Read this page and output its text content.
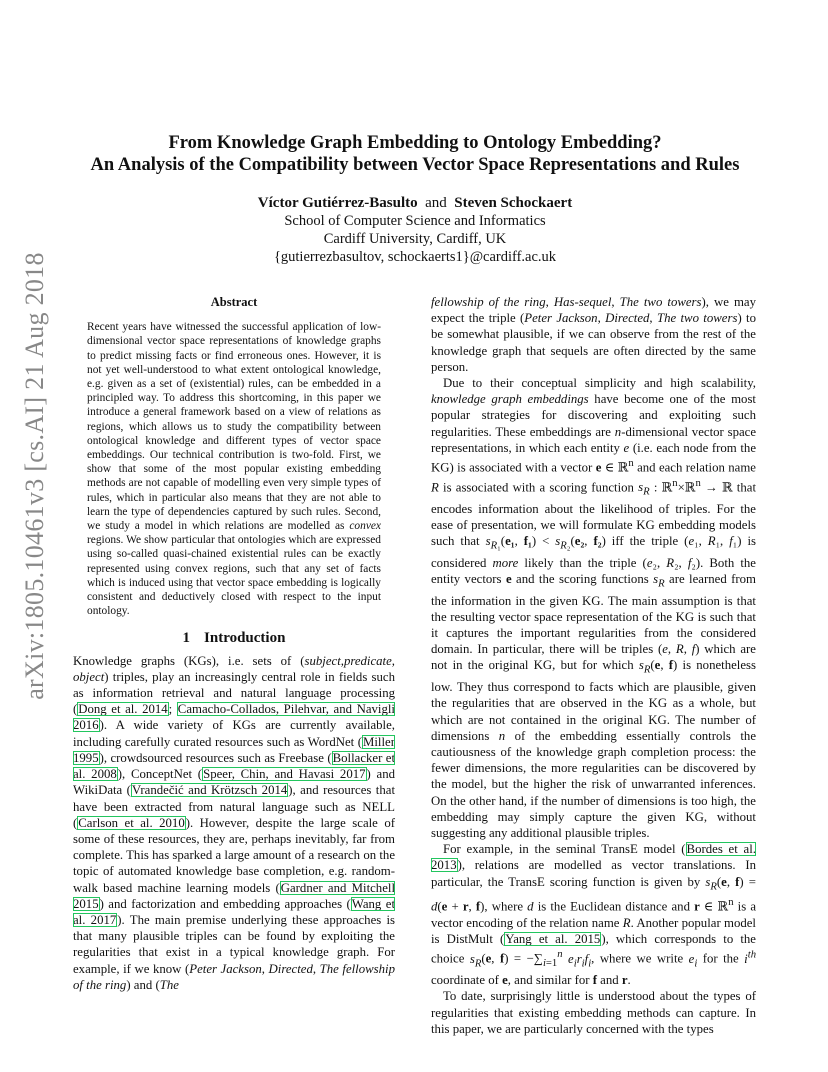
arXiv:1805.10461v3 [cs.AI] 21 Aug 2018
From Knowledge Graph Embedding to Ontology Embedding?
An Analysis of the Compatibility between Vector Space Representations and Rules
Víctor Gutiérrez-Basulto and Steven Schockaert
School of Computer Science and Informatics
Cardiff University, Cardiff, UK
{gutierrezbasultov, schockaerts1}@cardiff.ac.uk
Abstract

Recent years have witnessed the successful application of low-dimensional vector space representations of knowledge graphs to predict missing facts or find erroneous ones. However, it is not yet well-understood to what extent ontological knowledge, e.g. given as a set of (existential) rules, can be embedded in a principled way. To address this shortcoming, in this paper we introduce a general framework based on a view of relations as regions, which allows us to study the compatibility between ontological knowledge and different types of vector space embeddings. Our technical contribution is two-fold. First, we show that some of the most popular existing embedding methods are not capable of modelling even very simple types of rules, which in particular also means that they are not able to learn the type of dependencies captured by such rules. Second, we study a model in which relations are modelled as convex regions. We show particular that ontologies which are expressed using so-called quasi-chained existential rules can be exactly represented using convex regions, such that any set of facts which is induced using that vector space embedding is logically consistent and deductively closed with respect to the input ontology.

1 Introduction

Knowledge graphs (KGs), i.e. sets of (subject,predicate, object) triples, play an increasingly central role in fields such as information retrieval and natural language processing (Dong et al. 2014; Camacho-Collados, Pilehvar, and Navigli 2016). A wide variety of KGs are currently available, including carefully curated resources such as WordNet (Miller 1995), crowdsourced resources such as Freebase (Bollacker et al. 2008), ConceptNet (Speer, Chin, and Havasi 2017) and WikiData (Vrandečić and Krötzsch 2014), and resources that have been extracted from natural language such as NELL (Carlson et al. 2010). However, despite the large scale of some of these resources, they are, perhaps inevitably, far from complete. This has sparked a large amount of a research on the topic of automated knowledge base completion, e.g. random-walk based machine learning models (Gardner and Mitchell 2015) and factorization and embedding approaches (Wang et al. 2017). The main premise underlying these approaches is that many plausible triples can be found by exploiting the regularities that exist in a typical knowledge graph. For example, if we know (Peter Jackson, Directed, The fellowship of the ring) and (The

fellowship of the ring, Has-sequel, The two towers), we may expect the triple (Peter Jackson, Directed, The two towers) to be somewhat plausible, if we can observe from the rest of the knowledge graph that sequels are often directed by the same person.

Due to their conceptual simplicity and high scalability, knowledge graph embeddings have become one of the most popular strategies for discovering and exploiting such regularities. These embeddings are n-dimensional vector space representations, in which each entity e (i.e. each node from the KG) is associated with a vector e ∈ ℝ$^n$ and each relation name R is associated with a scoring function $s_R$ : ℝ$^n$×ℝ$^n$ → ℝ that encodes information about the likelihood of triples. For the ease of presentation, we will formulate KG embedding models such that $s_{R_1}(e_1$, $f_1) < s_{R_2}(e_2$, f₂) iff the triple (e₁, R₁, f₁) is considered more likely than the triple (e₂, R₂, f₂). Both the entity vectors e and the scoring functions $s_R$ are learned from the information in the given KG. The main assumption is that the resulting vector space representation of the KG is such that it captures the important regularities from the considered domain. In particular, there will be triples (e, R, f) which are not in the original KG, but for which $s_R(e$, f) is nonetheless low. They thus correspond to facts which are plausible, given the regularities that are observed in the KG as a whole, but which are not contained in the original KG. The number of dimensions n of the embedding essentially controls the cautiousness of the knowledge graph completion process: the fewer dimensions, the more regularities can be discovered by the model, but the higher the risk of unwarranted inferences. On the other hand, if the number of dimensions is too high, the embedding may simply capture the given KG, without suggesting any additional plausible triples.

For example, in the seminal TransE model (Bordes et al. 2013), relations are modelled as vector translations. In particular, the TransE scoring function is given by $s_R(e$, f) = d(e + r, f), where d is the Euclidean distance and r ∈ ℝ$^n$ is a vector encoding of the relation name R. Another popular model is DistMult (Yang et al. 2015), which corresponds to the choice $s_R(e$, $f) = -\sum_{i=1}^n$ $e_ir_if_i$, where we write $e_i$ for the $i^{th}$ coordinate of e, and similar for f and r.

To date, surprisingly little is understood about the types of regularities that existing embedding methods can capture. In this paper, we are particularly concerned with the types
